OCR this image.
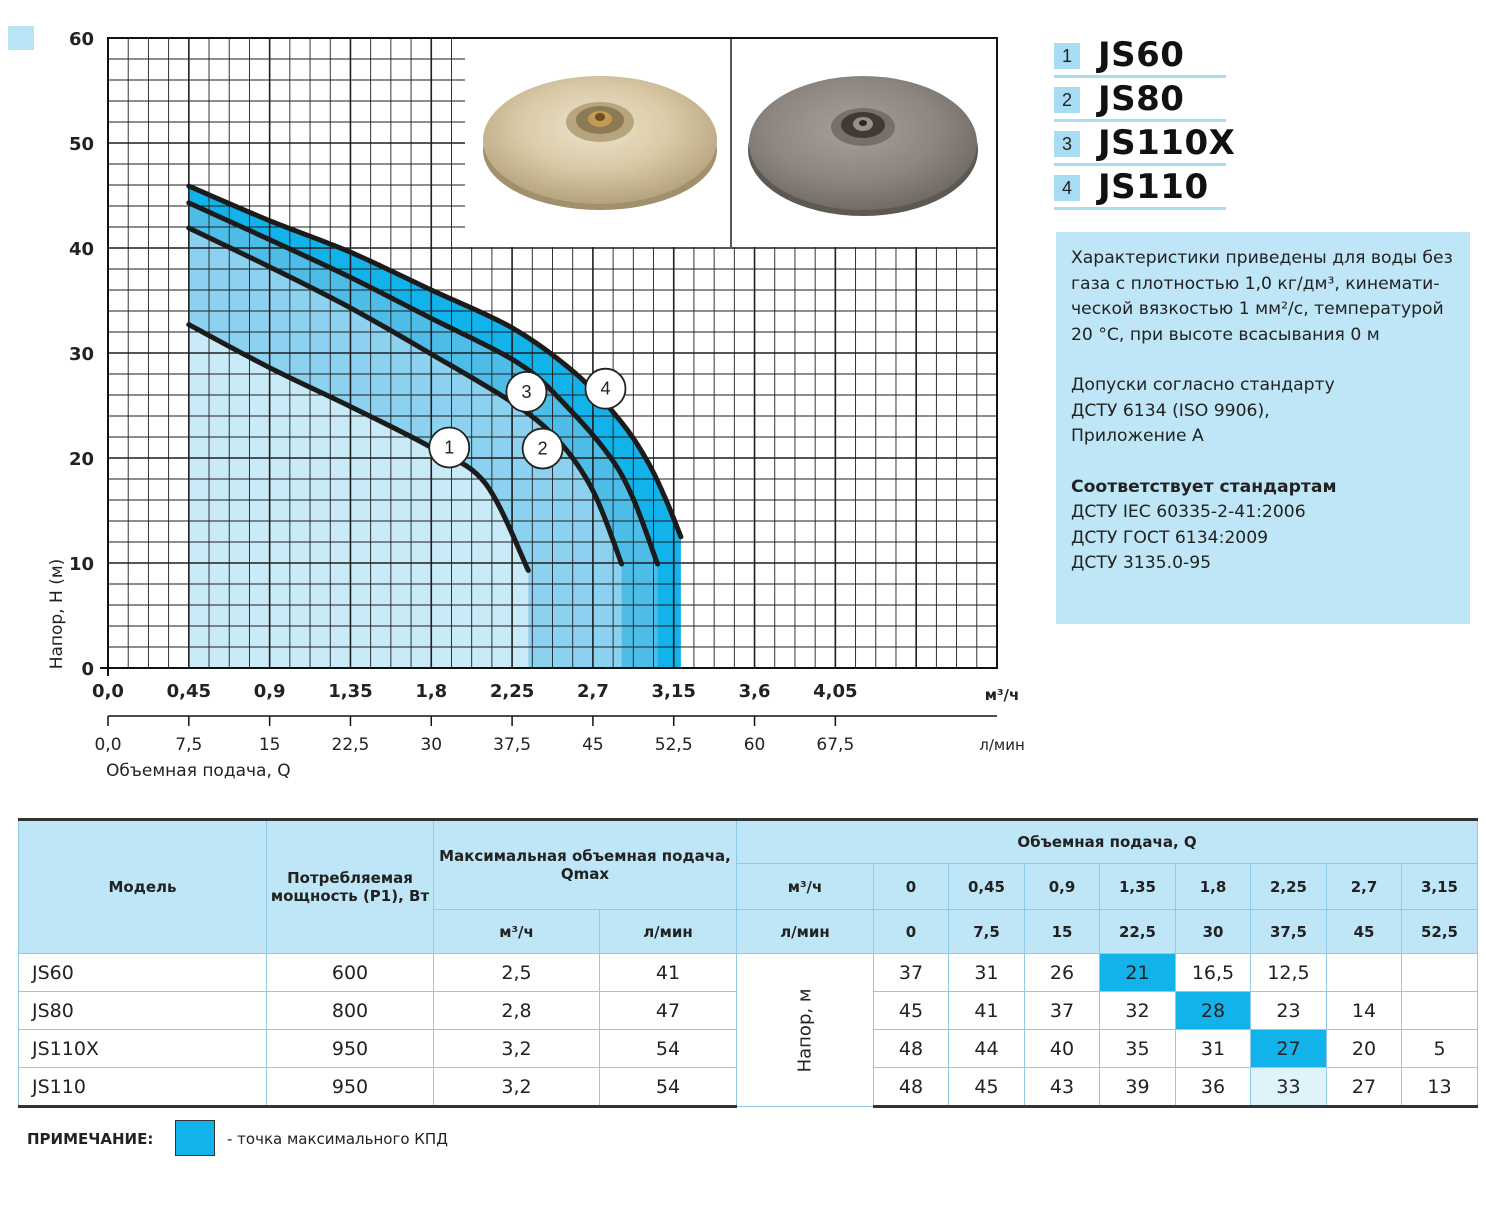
1	2
3	4
0
10
20
30
40
50
60
0,0 0,45 0,9 1,35 1,8 2,25 2,7 3,15 3,6 4,05	м³/ч
0,0	7,5	15	22,5	30	37,5	45	52,5	60	67,5	л/мин
Напор, H (м)
Объемная подача, Q
1 JS60
2 JS80
3 JS110X
4 JS110

Характеристики приведены для воды без

газа с плотностью 1,0 кг/дм³, кинемати-

ческой вязкостью 1 мм²/с, температурой

20 °C, при высоте всасывания 0 м

Допуски согласно стандарту

ДСТУ 6134 (ISO 9906),

Приложение А

Соответствует стандартам

ДСТУ IEC 60335-2-41:2006

ДСТУ ГОСТ 6134:2009

ДСТУ 3135.0-95

Модель	Потребляемая мощность (P1), Вт	Максимальная объемная подача, Qmax		Объемная подача, Q								
				м³/ч	0	0,45	0,9	1,35	1,8	2,25	2,7	3,15
		м³/ч	л/мин	л/мин	0	7,5	15	22,5	30	37,5	45	52,5
JS60	600	2,5	41	Напор, м	37	31	26	21	16,5	12,5		
JS80	800	2,8	47		45	41	37	32	28	23	14	
JS110X	950	3,2	54		48	44	40	35	31	27	20	5
JS110	950	3,2	54		48	45	43	39	36	33	27	13
ПРИМЕЧАНИЕ:	- точка максимального КПД
